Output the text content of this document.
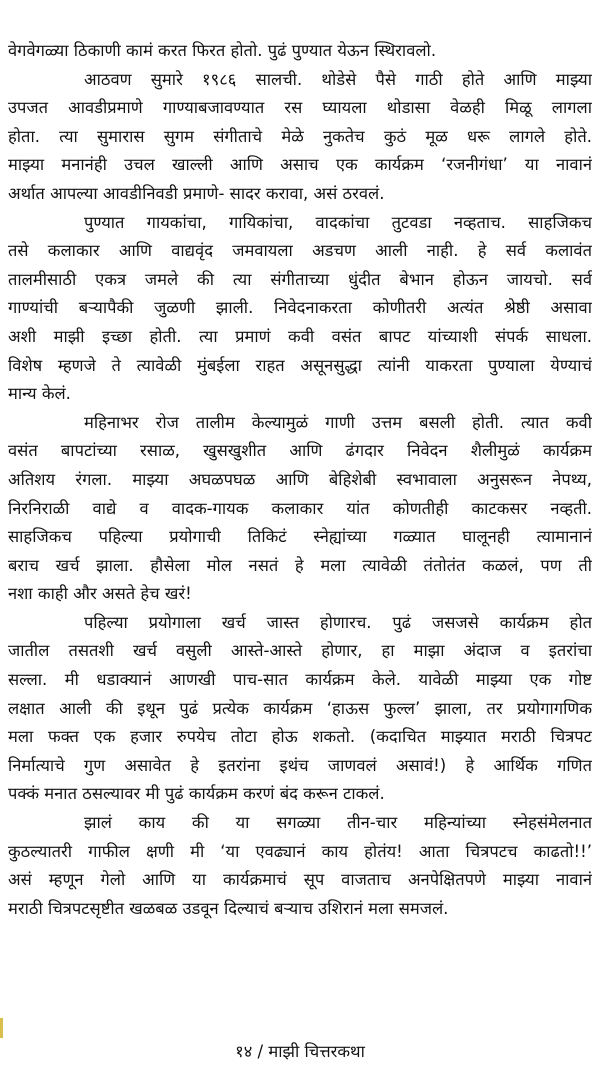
वेगवेगळ्या ठिकाणी कामं करत फिरत होतो. पुढं पुण्यात येऊन स्थिरावलो.
आठवण सुमारे १९८६ सालची. थोडेसे पैसे गाठी होते आणि माझ्या
उपजत आवडीप्रमाणे गाण्याबजावण्यात रस घ्यायला थोडासा वेळही मिळू लागला
होता. त्या सुमारास सुगम संगीताचे मेळे नुकतेच कुठं मूळ धरू लागले होते.
माझ्या मनानंही उचल खाल्ली आणि असाच एक कार्यक्रम ‘रजनीगंधा’ या नावानं
अर्थात आपल्या आवडीनिवडी प्रमाणे- सादर करावा, असं ठरवलं.
पुण्यात गायकांचा, गायिकांचा, वादकांचा तुटवडा नव्हताच. साहजिकच
तसे कलाकार आणि वाद्यवृंद जमवायला अडचण आली नाही. हे सर्व कलावंत
तालमीसाठी एकत्र जमले की त्या संगीताच्या धुंदीत बेभान होऊन जायचो. सर्व
गाण्यांची बऱ्यापैकी जुळणी झाली. निवेदनाकरता कोणीतरी अत्यंत श्रेष्ठी असावा
अशी माझी इच्छा होती. त्या प्रमाणं कवी वसंत बापट यांच्याशी संपर्क साधला.
विशेष म्हणजे ते त्यावेळी मुंबईला राहत असूनसुद्धा त्यांनी याकरता पुण्याला येण्याचं
मान्य केलं.
महिनाभर रोज तालीम केल्यामुळं गाणी उत्तम बसली होती. त्यात कवी
वसंत बापटांच्या रसाळ, खुसखुशीत आणि ढंगदार निवेदन शैलीमुळं कार्यक्रम
अतिशय रंगला. माझ्या अघळपघळ आणि बेहिशेबी स्वभावाला अनुसरून नेपथ्य,
निरनिराळी वाद्ये व वादक-गायक कलाकार यांत कोणतीही काटकसर नव्हती.
साहजिकच पहिल्या प्रयोगाची तिकिटं स्नेह्यांच्या गळ्यात घालूनही त्यामानानं
बराच खर्च झाला. हौसेला मोल नसतं हे मला त्यावेळी तंतोतंत कळलं, पण ती
नशा काही और असते हेच खरं!
पहिल्या प्रयोगाला खर्च जास्त होणारच. पुढं जसजसे कार्यक्रम होत
जातील तसतशी खर्च वसुली आस्ते-आस्ते होणार, हा माझा अंदाज व इतरांचा
सल्ला. मी धडाक्यानं आणखी पाच-सात कार्यक्रम केले. यावेळी माझ्या एक गोष्ट
लक्षात आली की इथून पुढं प्रत्येक कार्यक्रम ‘हाऊस फुल्ल’ झाला, तर प्रयोगागणिक
मला फक्त एक हजार रुपयेच तोटा होऊ शकतो. (कदाचित माझ्यात मराठी चित्रपट
निर्मात्याचे गुण असावेत हे इतरांना इथंच जाणवलं असावं!) हे आर्थिक गणित
पक्कं मनात ठसल्यावर मी पुढं कार्यक्रम करणं बंद करून टाकलं.
झालं काय की या सगळ्या तीन-चार महिन्यांच्या स्नेहसंमेलनात
कुठल्यातरी गाफील क्षणी मी ‘या एवढ्यानं काय होतंय! आता चित्रपटच काढतो!!’
असं म्हणून गेलो आणि या कार्यक्रमाचं सूप वाजताच अनपेक्षितपणे माझ्या नावानं
मराठी चित्रपटसृष्टीत खळबळ उडवून दिल्याचं बऱ्याच उशिरानं मला समजलं.
१४ / माझी चित्तरकथा
